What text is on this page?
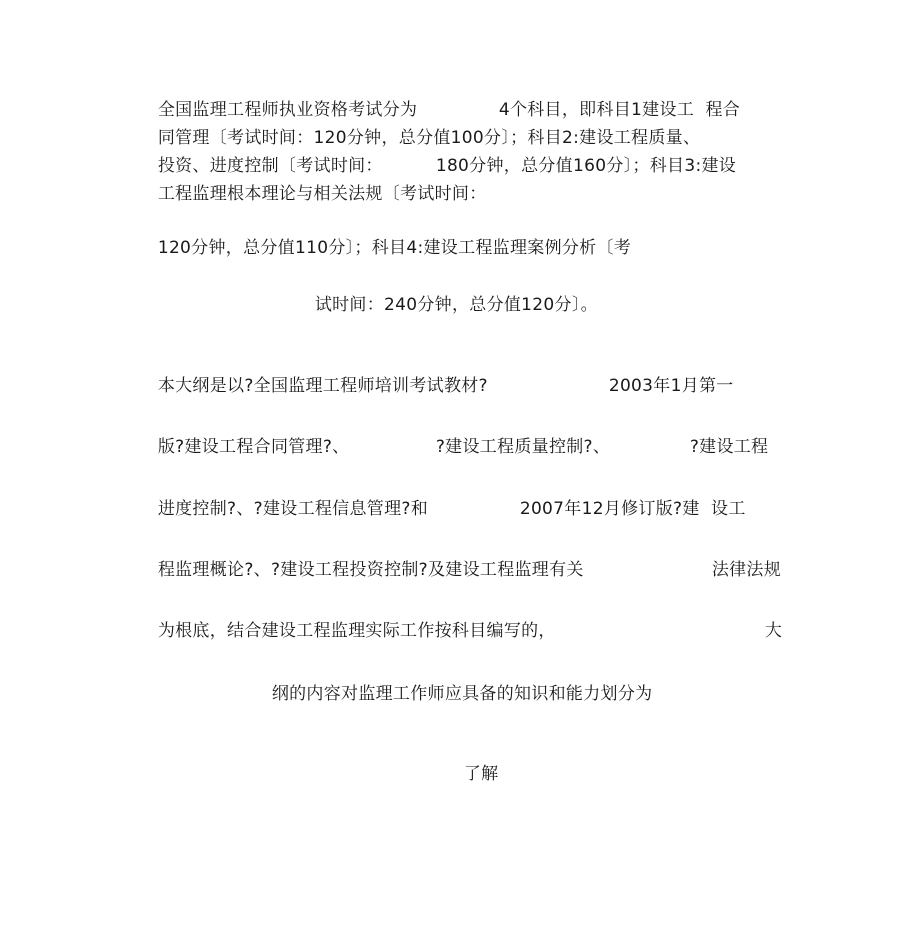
全国监理工程师执业资格考试分为
	4个科目，即科目1建设工  程合

同管理〔考试时间：120分钟，总分值100分〕；科目2:建设工程质量、

投资、进度控制〔考试时间：
	180分钟，总分值160分〕；科目3:建设

工程监理根本理论与相关法规〔考试时间：

120分钟，总分值110分〕；科目4:建设工程监理案例分析〔考

试时间：240分钟，总分值120分〕。

本大纲是以?全国监理工程师培训考试教材?
	2003年1月第一

版?建设工程合同管理?、
	?建设工程质量控制?、
	?建设工程

进度控制?、?建设工程信息管理?和
	2007年12月修订版?建  设工

程监理概论?、?建设工程投资控制?及建设工程监理有关
	法律法规

为根底，结合建设工程监理实际工作按科目编写的，
	大

纲的内容对监理工作师应具备的知识和能力划分为

了解
